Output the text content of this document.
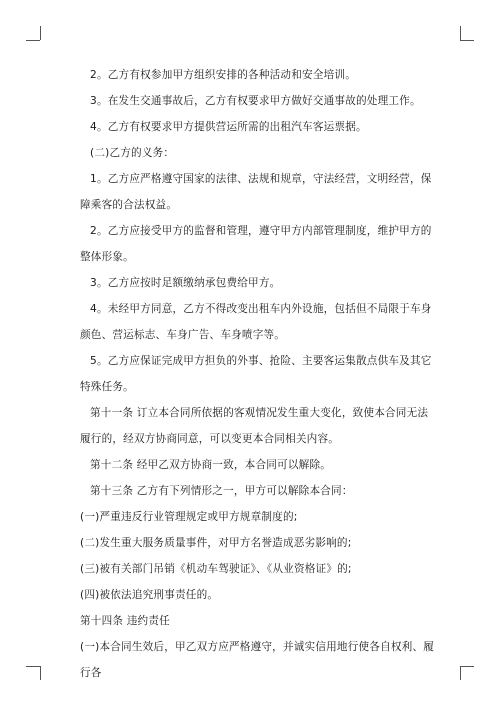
2。乙方有权参加甲方组织安排的各种活动和安全培训。

3。在发生交通事故后，乙方有权要求甲方做好交通事故的处理工作。

4。乙方有权要求甲方提供营运所需的出租汽车客运票据。

(二)乙方的义务：

1。乙方应严格遵守国家的法律、法规和规章，守法经营，文明经营，保障乘客的合法权益。

2。乙方应接受甲方的监督和管理，遵守甲方内部管理制度，维护甲方的整体形象。

3。乙方应按时足额缴纳承包费给甲方。

4。未经甲方同意，乙方不得改变出租车内外设施，包括但不局限于车身颜色、营运标志、车身广告、车身喷字等。

5。乙方应保证完成甲方担负的外事、抢险、主要客运集散点供车及其它特殊任务。

第十一条 订立本合同所依据的客观情况发生重大变化，致使本合同无法履行的，经双方协商同意，可以变更本合同相关内容。

第十二条 经甲乙双方协商一致，本合同可以解除。

第十三条 乙方有下列情形之一，甲方可以解除本合同：

(一)严重违反行业管理规定或甲方规章制度的;

(二)发生重大服务质量事件，对甲方名誉造成恶劣影响的;

(三)被有关部门吊销《机动车驾驶证》、《从业资格证》的;

(四)被依法追究刑事责任的。

第十四条 违约责任

(一)本合同生效后，甲乙双方应严格遵守，并诚实信用地行使各自权利、履行各
